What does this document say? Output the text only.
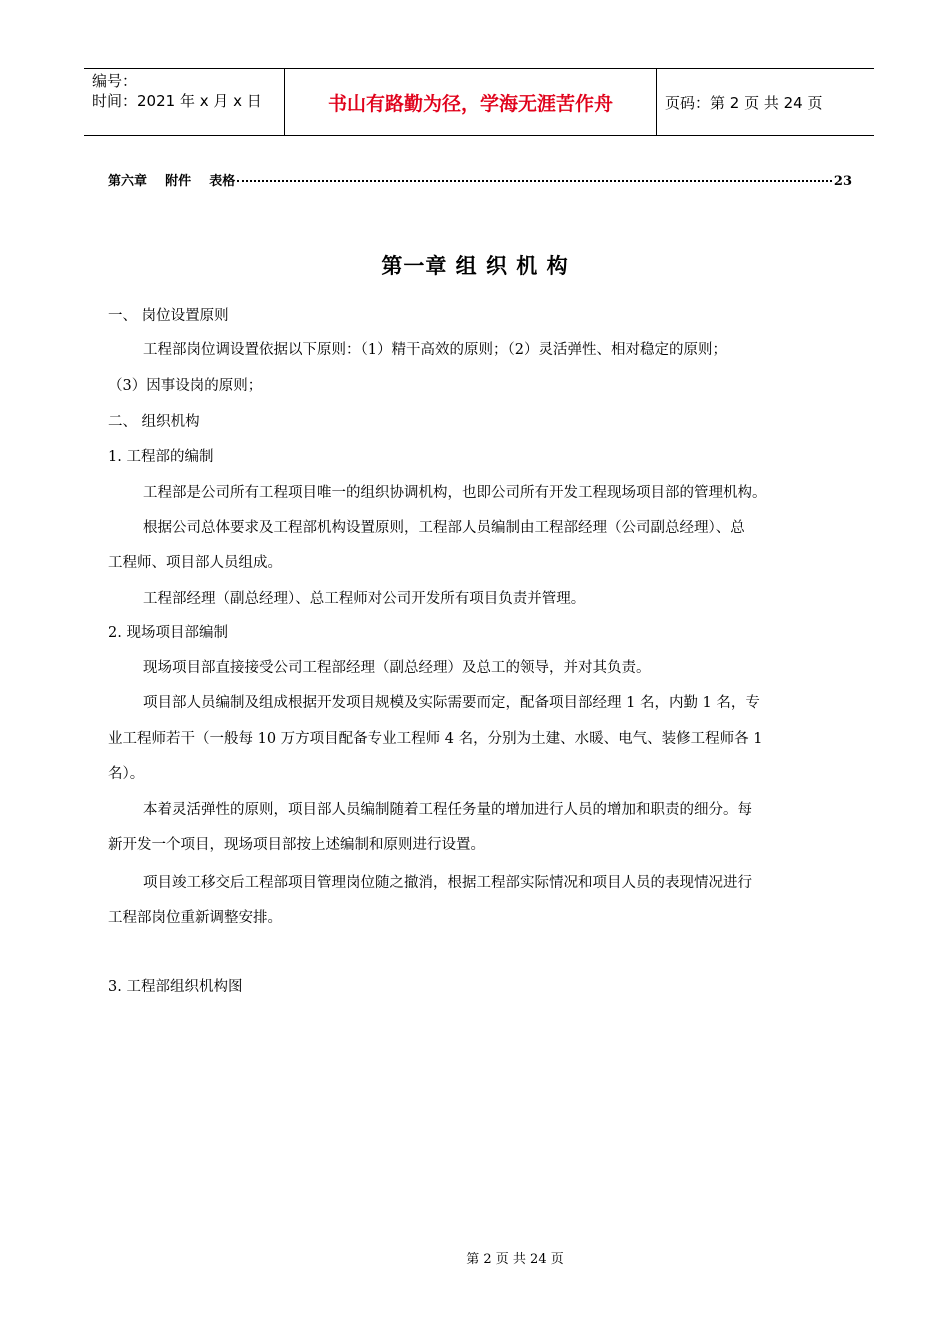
编号：
时间：2021 年 x 月 x 日	书山有路勤为径，学海无涯苦作舟	页码：第 2 页 共 24 页
第六章    附件    表格	23
第一章 组 织 机 构
一、 岗位设置原则
工程部岗位调设置依据以下原则：（1）精干高效的原则；（2）灵活弹性、相对稳定的原则；
（3）因事设岗的原则；
二、 组织机构
1. 工程部的编制
工程部是公司所有工程项目唯一的组织协调机构，也即公司所有开发工程现场项目部的管理机构。
根据公司总体要求及工程部机构设置原则，工程部人员编制由工程部经理（公司副总经理）、总
工程师、项目部人员组成。
工程部经理（副总经理）、总工程师对公司开发所有项目负责并管理。
2. 现场项目部编制
现场项目部直接接受公司工程部经理（副总经理）及总工的领导，并对其负责。
项目部人员编制及组成根据开发项目规模及实际需要而定，配备项目部经理 1 名，内勤 1 名，专
业工程师若干（一般每 10 万方项目配备专业工程师 4 名，分别为土建、水暖、电气、装修工程师各 1
名）。
本着灵活弹性的原则，项目部人员编制随着工程任务量的增加进行人员的增加和职责的细分。每
新开发一个项目，现场项目部按上述编制和原则进行设置。
项目竣工移交后工程部项目管理岗位随之撤消，根据工程部实际情况和项目人员的表现情况进行
工程部岗位重新调整安排。
3. 工程部组织机构图
第 2 页 共 24 页
